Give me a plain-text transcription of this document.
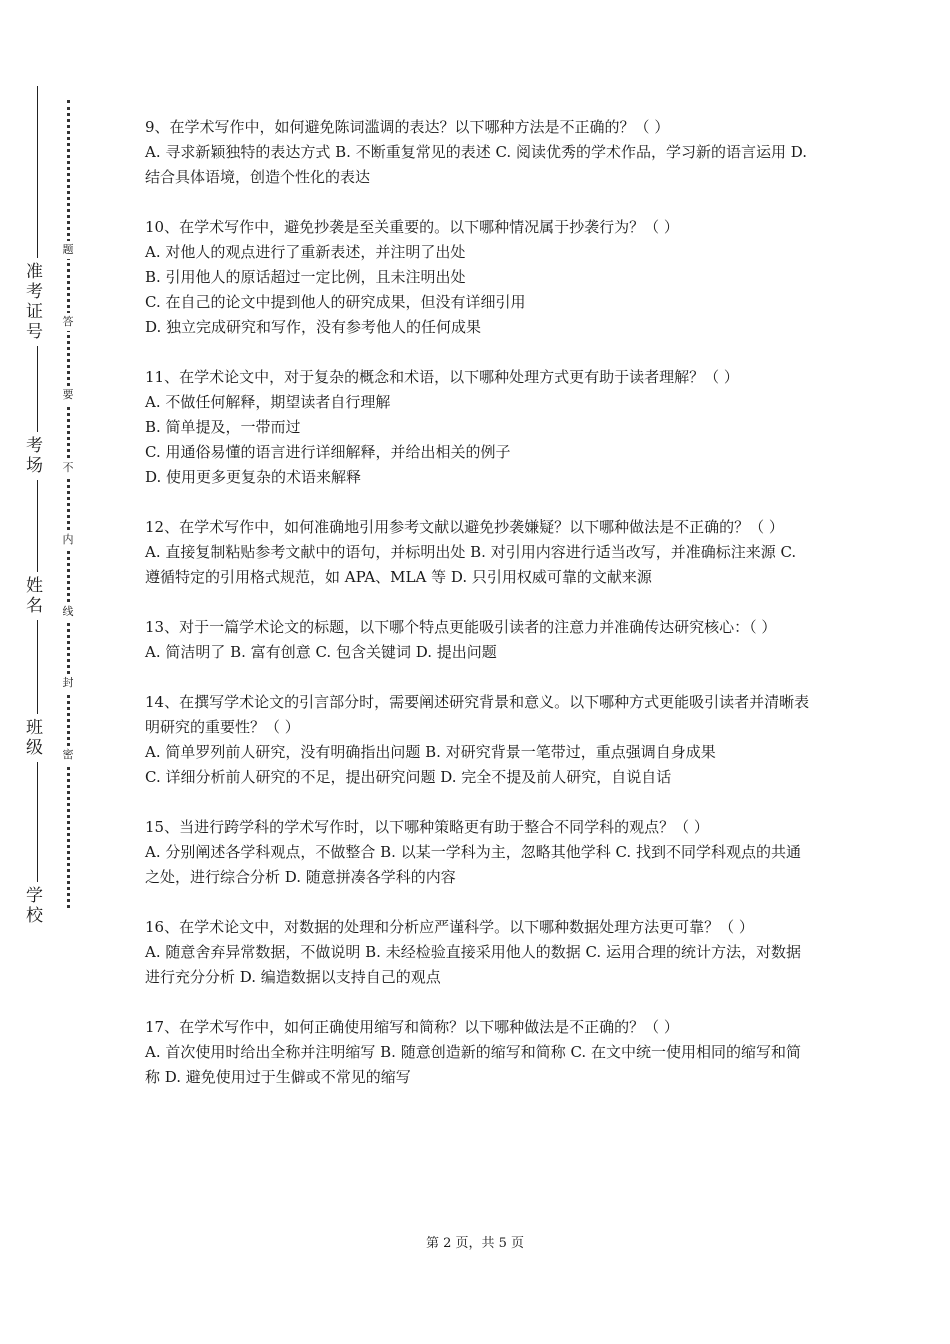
准考证号
考场
姓名
班级
学校
题
答
要
不
内
线
封
密

9、在学术写作中，如何避免陈词滥调的表达？以下哪种方法是不正确的？（ ）

A. 寻求新颖独特的表达方式 B. 不断重复常见的表述 C. 阅读优秀的学术作品，学习新的语言运用 D. 结合具体语境，创造个性化的表达

10、在学术写作中，避免抄袭是至关重要的。以下哪种情况属于抄袭行为？（ ）

A. 对他人的观点进行了重新表述，并注明了出处

B. 引用他人的原话超过一定比例，且未注明出处

C. 在自己的论文中提到他人的研究成果，但没有详细引用

D. 独立完成研究和写作，没有参考他人的任何成果

11、在学术论文中，对于复杂的概念和术语，以下哪种处理方式更有助于读者理解？（ ）

A. 不做任何解释，期望读者自行理解

B. 简单提及，一带而过

C. 用通俗易懂的语言进行详细解释，并给出相关的例子

D. 使用更多更复杂的术语来解释

12、在学术写作中，如何准确地引用参考文献以避免抄袭嫌疑？以下哪种做法是不正确的？（ ）

A. 直接复制粘贴参考文献中的语句，并标明出处 B. 对引用内容进行适当改写，并准确标注来源 C. 遵循特定的引用格式规范，如 APA、MLA 等 D. 只引用权威可靠的文献来源

13、对于一篇学术论文的标题，以下哪个特点更能吸引读者的注意力并准确传达研究核心：（ ）

A. 简洁明了 B. 富有创意 C. 包含关键词 D. 提出问题

14、在撰写学术论文的引言部分时，需要阐述研究背景和意义。以下哪种方式更能吸引读者并清晰表明研究的重要性？（ ）

A. 简单罗列前人研究，没有明确指出问题 B. 对研究背景一笔带过，重点强调自身成果

C. 详细分析前人研究的不足，提出研究问题 D. 完全不提及前人研究，自说自话

15、当进行跨学科的学术写作时，以下哪种策略更有助于整合不同学科的观点？（ ）

A. 分别阐述各学科观点，不做整合 B. 以某一学科为主，忽略其他学科 C. 找到不同学科观点的共通之处，进行综合分析 D. 随意拼凑各学科的内容

16、在学术论文中，对数据的处理和分析应严谨科学。以下哪种数据处理方法更可靠？（ ）

A. 随意舍弃异常数据，不做说明 B. 未经检验直接采用他人的数据 C. 运用合理的统计方法，对数据进行充分分析 D. 编造数据以支持自己的观点

17、在学术写作中，如何正确使用缩写和简称？以下哪种做法是不正确的？（ ）

A. 首次使用时给出全称并注明缩写 B. 随意创造新的缩写和简称 C. 在文中统一使用相同的缩写和简称 D. 避免使用过于生僻或不常见的缩写

第 2 页，共 5 页
